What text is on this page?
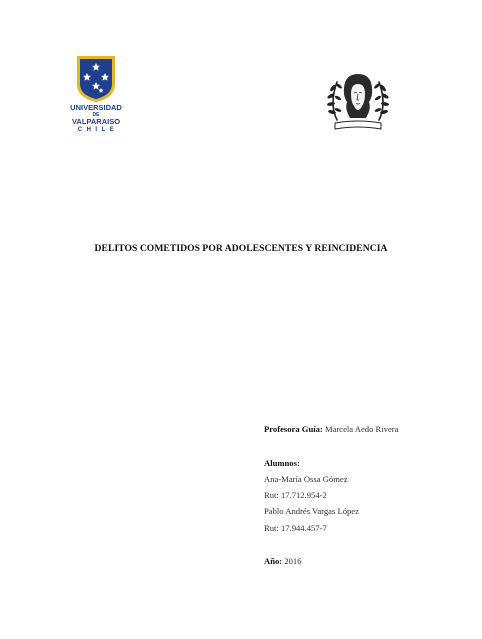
UNIVERSIDAD
DE
VALPARAISO
CHILE
DELITOS COMETIDOS POR ADOLESCENTES Y REINCIDENCIA
Profesora Guía: Marcela Aedo Rivera
Alumnos:
Ana-María Ossa Gómez
Rut: 17.712.954-2
Pablo Andrés Vargas López
Rut: 17.944.457-7
Año: 2016
